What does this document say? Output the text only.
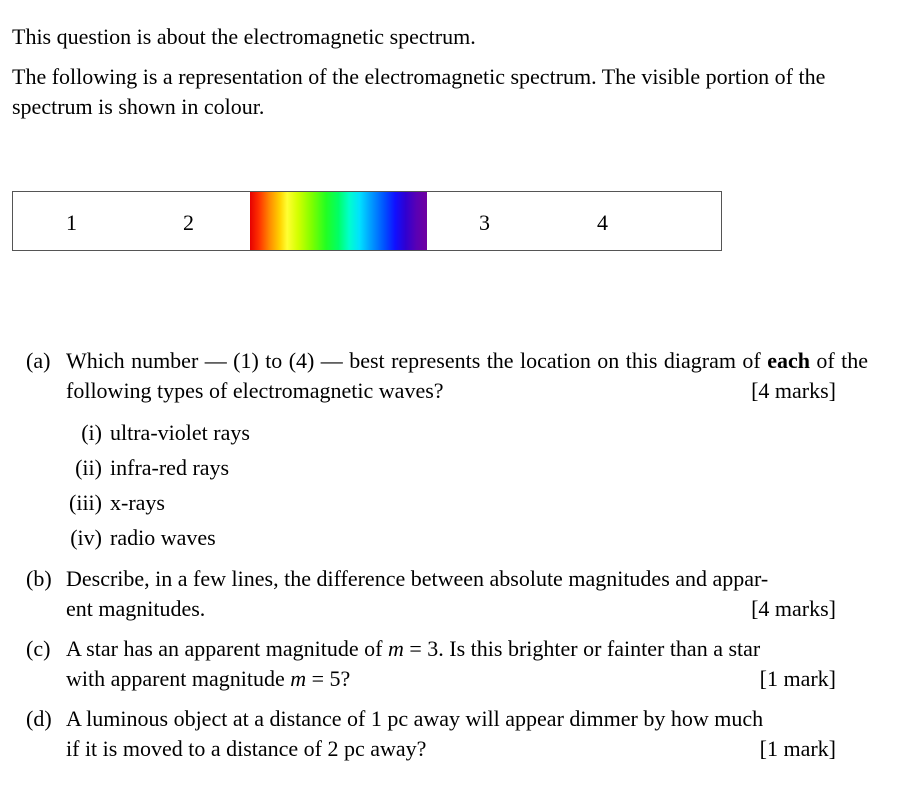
This question is about the electromagnetic spectrum.
The following is a representation of the electromagnetic spectrum. The visible portion of the spectrum is shown in colour.
1	2	3	4
(a) Which number — (1) to (4) — best represents the location on this diagram of each of the following types of electromagnetic waves?	[4 marks]
(i) ultra-violet rays
(ii) infra-red rays
(iii) x-rays
(iv) radio waves
(b) Describe, in a few lines, the difference between absolute magnitudes and appar-
ent magnitudes.	[4 marks]
(c) A star has an apparent magnitude of m = 3. Is this brighter or fainter than a star
with apparent magnitude m = 5?	[1 mark]
(d) A luminous object at a distance of 1 pc away will appear dimmer by how much
if it is moved to a distance of 2 pc away?	[1 mark]
